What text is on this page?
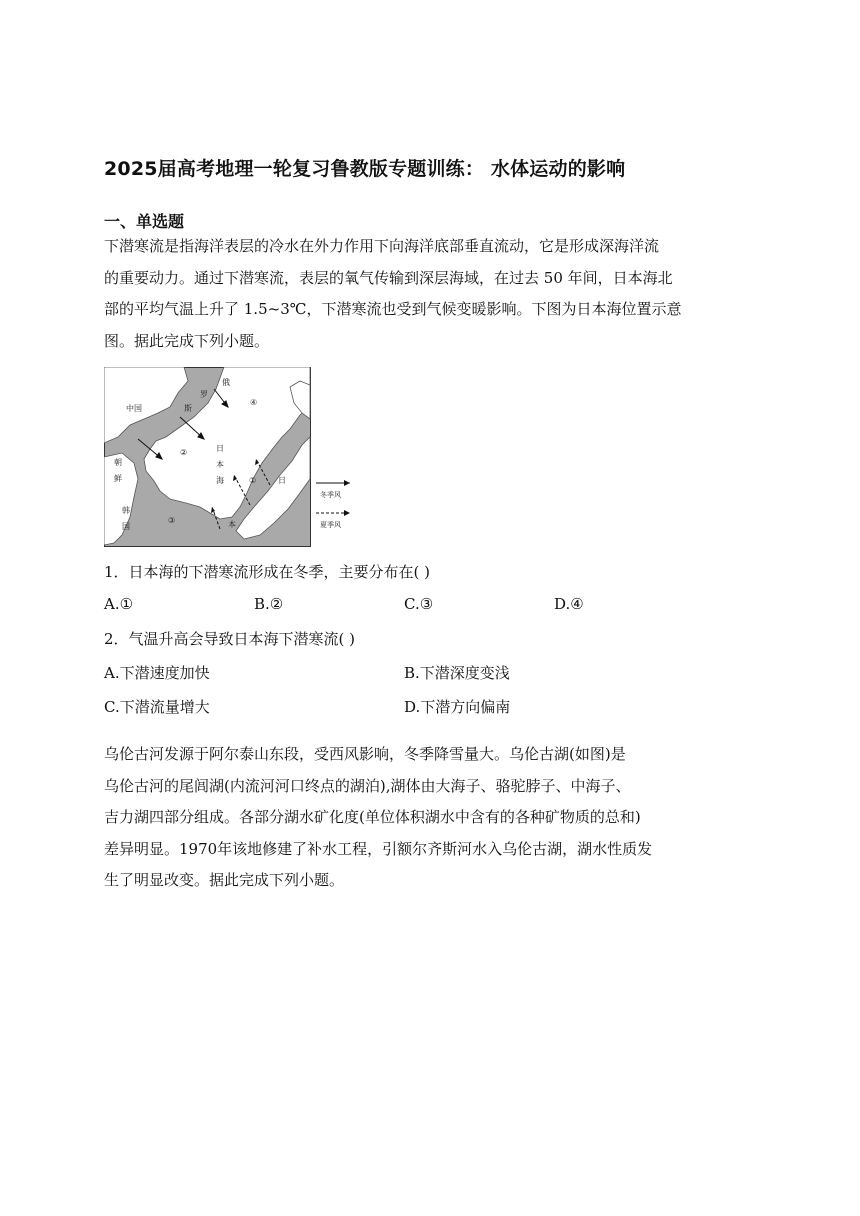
2025届高考地理一轮复习鲁教版专题训练： 水体运动的影响
一、单选题
下潜寒流是指海洋表层的冷水在外力作用下向海洋底部垂直流动，它是形成深海洋流
的重要动力。通过下潜寒流，表层的氧气传输到深层海域，在过去 50 年间，日本海北
部的平均气温上升了 1.5~3℃，下潜寒流也受到气候变暖影响。下图为日本海位置示意
图。据此完成下列小题。
中国
俄
罗
斯
朝
鲜
韩
国
日
本
海	日
本
①
②
③
④
冬季风
夏季风
1．日本海的下潜寒流形成在冬季，主要分布在( )
A.①	B.②	C.③	D.④
2．气温升高会导致日本海下潜寒流( )
A.下潜速度加快	B.下潜深度变浅
C.下潜流量增大	D.下潜方向偏南
乌伦古河发源于阿尔泰山东段，受西风影响，冬季降雪量大。乌伦古湖(如图)是
乌伦古河的尾闾湖(内流河河口终点的湖泊),湖体由大海子、骆驼脖子、中海子、
吉力湖四部分组成。各部分湖水矿化度(单位体积湖水中含有的各种矿物质的总和)
差异明显。1970年该地修建了补水工程，引额尔齐斯河水入乌伦古湖，湖水性质发
生了明显改变。据此完成下列小题。
